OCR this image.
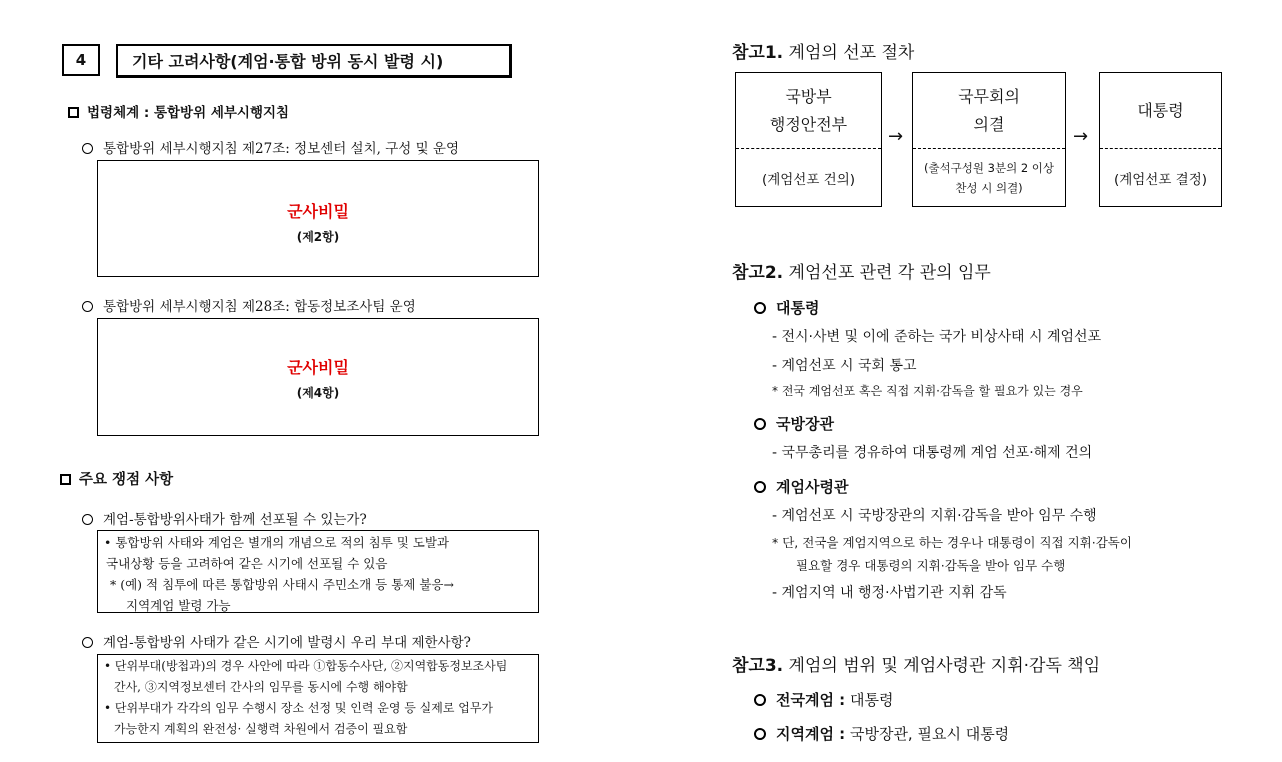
4	기타 고려사항(계엄·통합 방위 동시 발령 시)
법령체계 : 통합방위 세부시행지침
통합방위 세부시행지침 제27조: 정보센터 설치, 구성 및 운영
군사비밀
(제2항)
통합방위 세부시행지침 제28조: 합동정보조사팀 운영
군사비밀
(제4항)
주요 쟁점 사항
계엄-통합방위사태가 함께 선포될 수 있는가?
• 통합방위 사태와 계엄은 별개의 개념으로 적의 침투 및 도발과
국내상황 등을 고려하여 같은 시기에 선포될 수 있음
* (예) 적 침투에 따른 통합방위 사태시 주민소개 등 통제 불응→
지역계엄 발령 가능
계엄-통합방위 사태가 같은 시기에 발령시 우리 부대 제한사항?
• 단위부대(방첩과)의 경우 사안에 따라 ①합동수사단, ②지역합동정보조사팀
간사, ③지역정보센터 간사의 임무를 동시에 수행 해야함
• 단위부대가 각각의 임무 수행시 장소 선정 및 인력 운영 등 실제로 업무가
가능한지 계획의 완전성· 실행력 차원에서 검증이 필요함
참고1. 계엄의 선포 절차
국방부
행정안전부
(계엄선포 건의)
→
국무회의
의결
(출석구성원 3분의 2 이상
찬성 시 의결)
→
대통령
(계엄선포 결정)
참고2. 계엄선포 관련 각 관의 임무
대통령
- 전시·사변 및 이에 준하는 국가 비상사태 시 계엄선포
- 계엄선포 시 국회 통고
* 전국 계엄선포 혹은 직접 지휘·감독을 할 필요가 있는 경우
국방장관
- 국무총리를 경유하여 대통령께 계엄 선포·해제 건의
계엄사령관
- 계엄선포 시 국방장관의 지휘·감독을 받아 임무 수행
* 단, 전국을 계엄지역으로 하는 경우나 대통령이 직접 지휘·감독이
필요할 경우 대통령의 지휘·감독을 받아 임무 수행
- 계엄지역 내 행정·사법기관 지휘 감독
참고3. 계엄의 범위 및 계엄사령관 지휘·감독 책임
전국계엄 : 대통령
지역계엄 : 국방장관, 필요시 대통령
